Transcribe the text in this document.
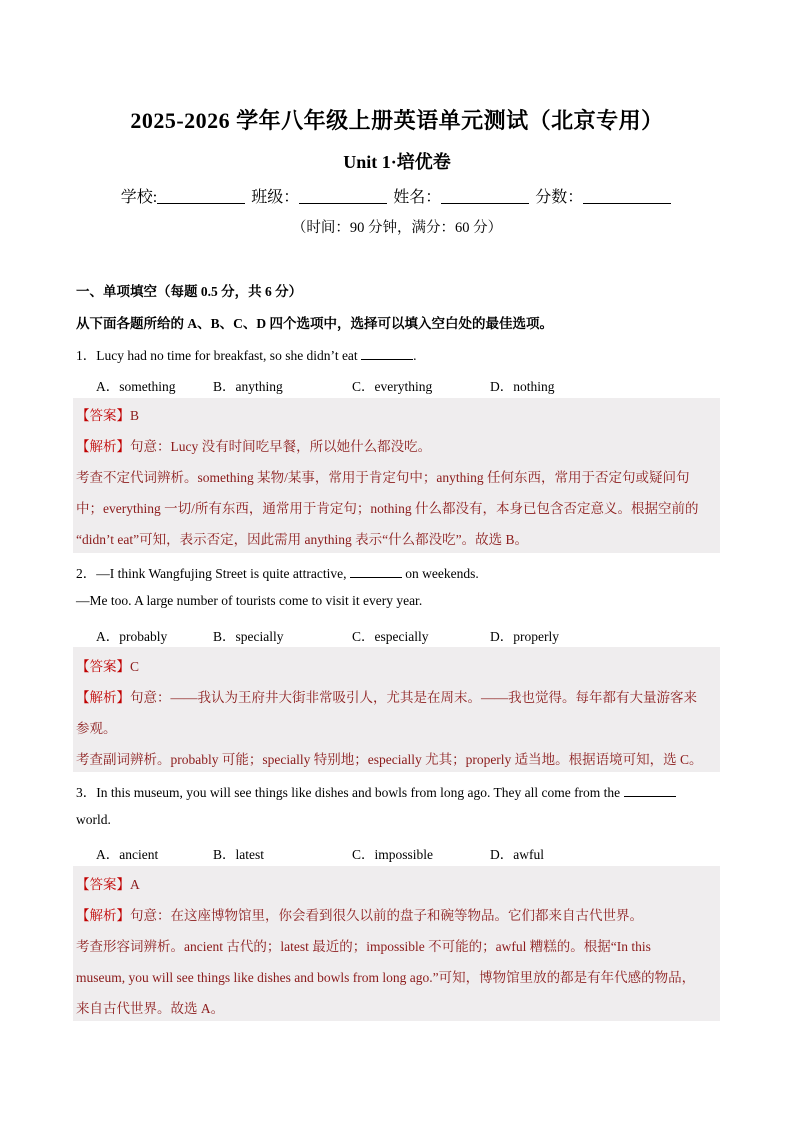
2025-2026 学年八年级上册英语单元测试（北京专用）
Unit 1·培优卷
学校:	班级：	姓名：	分数：
（时间：90 分钟，满分：60 分）
一、单项填空（每题 0.5 分，共 6 分）
从下面各题所给的 A、B、C、D 四个选项中，选择可以填入空白处的最佳选项。
1．Lucy had no time for breakfast, so she didn’t eat	.
A．something	B．anything	C．everything	D．nothing
【答案】B
【解析】句意：Lucy 没有时间吃早餐，所以她什么都没吃。
考查不定代词辨析。something 某物/某事，常用于肯定句中；anything 任何东西，常用于否定句或疑问句
中；everything 一切/所有东西，通常用于肯定句；nothing 什么都没有，本身已包含否定意义。根据空前的
“didn’t eat”可知，表示否定，因此需用 anything 表示“什么都没吃”。故选 B。
2．—I think Wangfujing Street is quite attractive,	on weekends.
—Me too. A large number of tourists come to visit it every year.
A．probably	B．specially	C．especially	D．properly
【答案】C
【解析】句意：——我认为王府井大街非常吸引人，尤其是在周末。——我也觉得。每年都有大量游客来
参观。
考查副词辨析。probably 可能；specially 特别地；especially 尤其；properly 适当地。根据语境可知，选 C。
3．In this museum, you will see things like dishes and bowls from long ago. They all come from the
world.
A．ancient	B．latest	C．impossible	D．awful
【答案】A
【解析】句意：在这座博物馆里，你会看到很久以前的盘子和碗等物品。它们都来自古代世界。
考查形容词辨析。ancient 古代的；latest 最近的；impossible 不可能的；awful 糟糕的。根据“In this
museum, you will see things like dishes and bowls from long ago.”可知，博物馆里放的都是有年代感的物品，
来自古代世界。故选 A。
